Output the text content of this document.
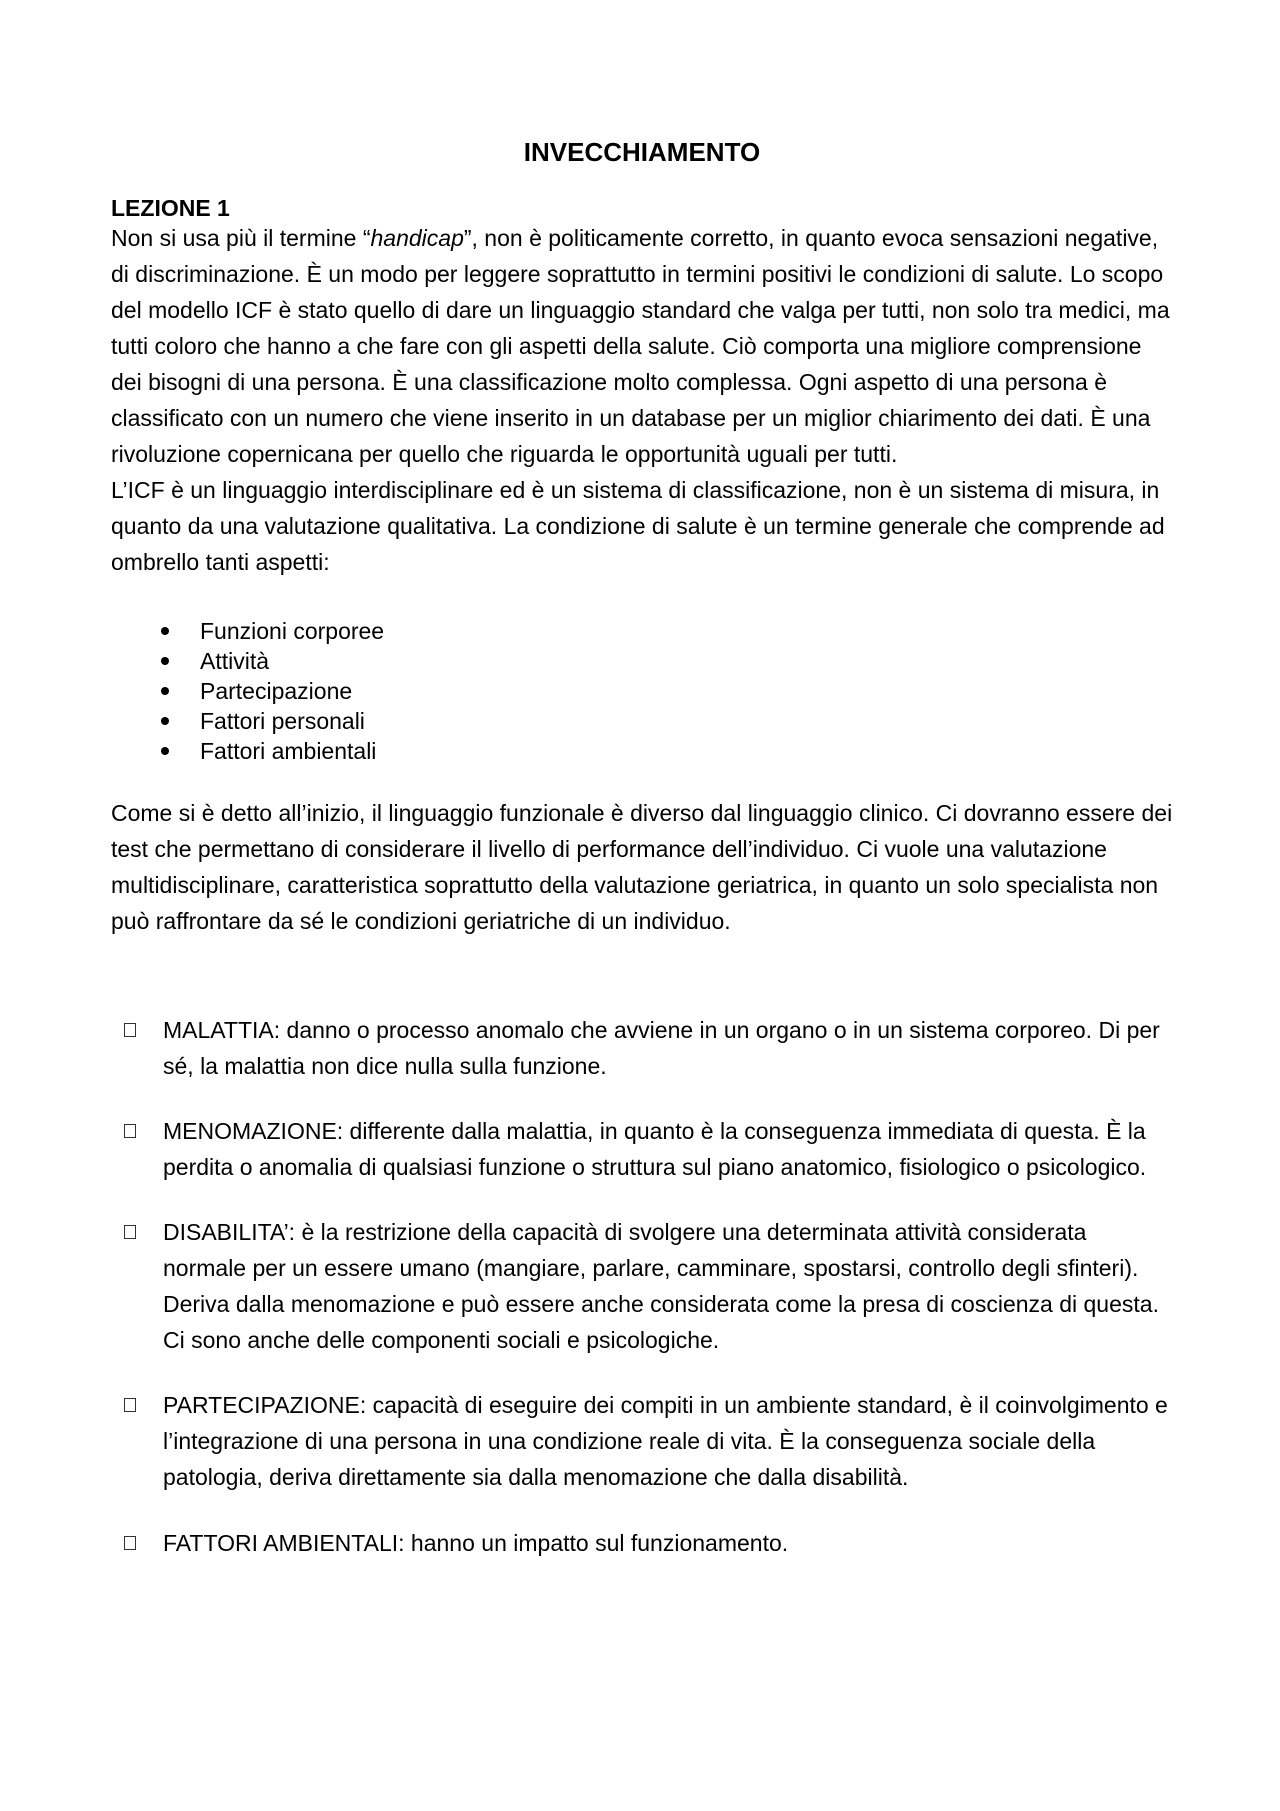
INVECCHIAMENTO
LEZIONE 1

Non si usa più il termine “handicap”, non è politicamente corretto, in quanto evoca sensazioni negative, di discriminazione. È un modo per leggere soprattutto in termini positivi le condizioni di salute. Lo scopo del modello ICF è stato quello di dare un linguaggio standard che valga per tutti, non solo tra medici, ma tutti coloro che hanno a che fare con gli aspetti della salute. Ciò comporta una migliore comprensione dei bisogni di una persona. È una classificazione molto complessa. Ogni aspetto di una persona è classificato con un numero che viene inserito in un database per un miglior chiarimento dei dati. È una rivoluzione copernicana per quello che riguarda le opportunità uguali per tutti.

L’ICF è un linguaggio interdisciplinare ed è un sistema di classificazione, non è un sistema di misura, in quanto da una valutazione qualitativa. La condizione di salute è un termine generale che comprende ad ombrello tanti aspetti:

Funzioni corporee
Attività
Partecipazione
Fattori personali
Fattori ambientali

Come si è detto all’inizio, il linguaggio funzionale è diverso dal linguaggio clinico. Ci dovranno essere dei test che permettano di considerare il livello di performance dell’individuo. Ci vuole una valutazione multidisciplinare, caratteristica soprattutto della valutazione geriatrica, in quanto un solo specialista non può raffrontare da sé le condizioni geriatriche di un individuo.

MALATTIA: danno o processo anomalo che avviene in un organo o in un sistema corporeo. Di per sé, la malattia non dice nulla sulla funzione.
MENOMAZIONE: differente dalla malattia, in quanto è la conseguenza immediata di questa. È la perdita o anomalia di qualsiasi funzione o struttura sul piano anatomico, fisiologico o psicologico.
DISABILITA’: è la restrizione della capacità di svolgere una determinata attività considerata normale per un essere umano (mangiare, parlare, camminare, spostarsi, controllo degli sfinteri). Deriva dalla menomazione e può essere anche considerata come la presa di coscienza di questa. Ci sono anche delle componenti sociali e psicologiche.
PARTECIPAZIONE: capacità di eseguire dei compiti in un ambiente standard, è il coinvolgimento e l’integrazione di una persona in una condizione reale di vita. È la conseguenza sociale della patologia, deriva direttamente sia dalla menomazione che dalla disabilità.
FATTORI AMBIENTALI: hanno un impatto sul funzionamento.
